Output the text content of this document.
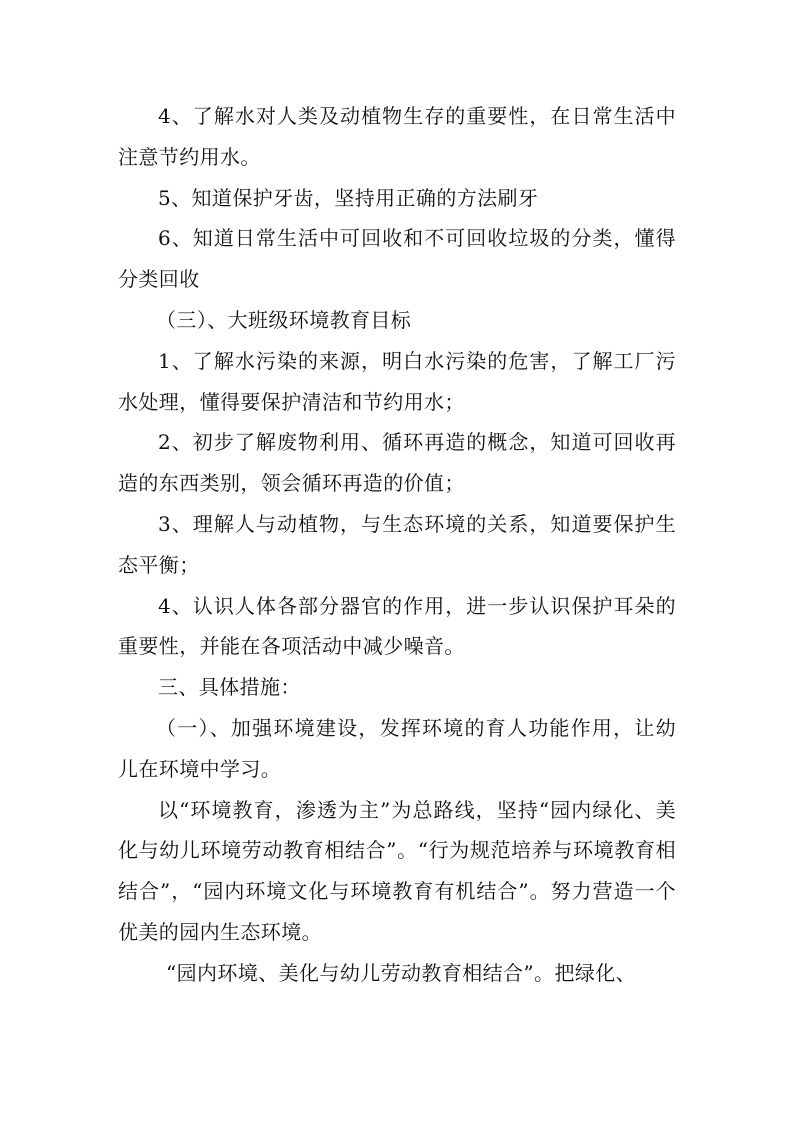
4、了解水对人类及动植物生存的重要性，在日常生活中注意节约用水。

5、知道保护牙齿，坚持用正确的方法刷牙

6、知道日常生活中可回收和不可回收垃圾的分类，懂得分类回收

（三）、大班级环境教育目标

1、了解水污染的来源，明白水污染的危害，了解工厂污水处理，懂得要保护清洁和节约用水；

2、初步了解废物利用、循环再造的概念，知道可回收再造的东西类别，领会循环再造的价值；

3、理解人与动植物，与生态环境的关系，知道要保护生态平衡；

4、认识人体各部分器官的作用，进一步认识保护耳朵的重要性，并能在各项活动中减少噪音。

三、具体措施：

（一）、加强环境建设，发挥环境的育人功能作用，让幼儿在环境中学习。

以“环境教育，渗透为主”为总路线，坚持“园内绿化、美化与幼儿环境劳动教育相结合”。“行为规范培养与环境教育相结合”，“园内环境文化与环境教育有机结合”。努力营造一个优美的园内生态环境。

“园内环境、美化与幼儿劳动教育相结合”。把绿化、
